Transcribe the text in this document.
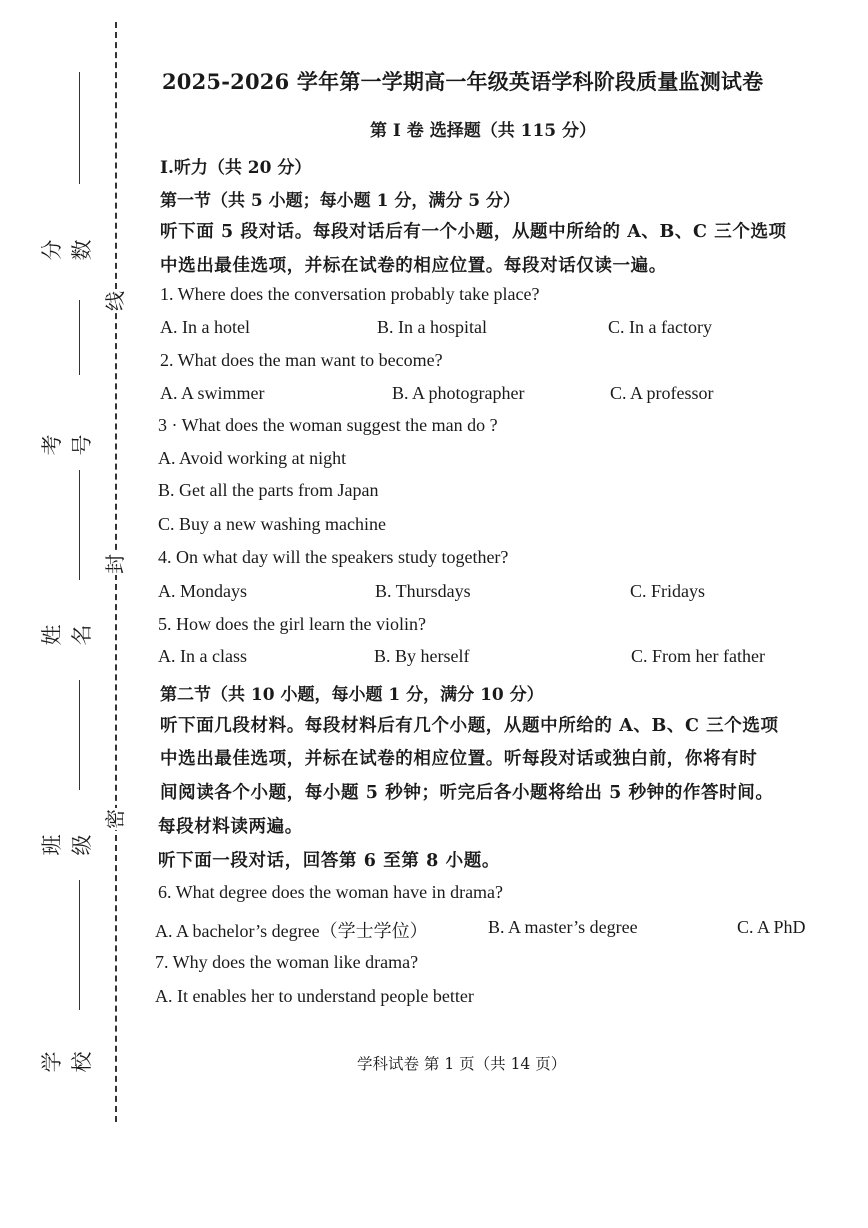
线
封
密
分 数
考 号
姓 名
班 级
学校
2025-2026 学年第一学期高一年级英语学科阶段质量监测试卷
第 I 卷 选择题（共 115 分）
I.听力（共 20 分）
第一节（共 5 小题；每小题 1 分，满分 5 分）
听下面 5 段对话。每段对话后有一个小题，从题中所给的 A、B、C 三个选项
中选出最佳选项，并标在试卷的相应位置。每段对话仅读一遍。
1. Where does the conversation probably take place?
A. In a hotel	B. In a hospital	C. In a factory
2. What does the man want to become?
A. A swimmer	B. A photographer	C. A professor
3 · What does the woman suggest the man do ?
A. Avoid working at night
B. Get all the parts from Japan
C. Buy a new washing machine
4. On what day will the speakers study together?
A. Mondays	B. Thursdays	C. Fridays
5. How does the girl learn the violin?
A. In a class	B. By herself	C. From her father
第二节（共 10 小题，每小题 1 分，满分 10 分）
听下面几段材料。每段材料后有几个小题，从题中所给的 A、B、C 三个选项
中选出最佳选项，并标在试卷的相应位置。听每段对话或独白前，你将有时
间阅读各个小题，每小题 5 秒钟；听完后各小题将给出 5 秒钟的作答时间。
每段材料读两遍。
听下面一段对话，回答第 6 至第 8 小题。
6. What degree does the woman have in drama?
A. A bachelor’s degree（学士学位）	B. A master’s degree	C. A PhD
7. Why does the woman like drama?
A. It enables her to understand people better
学科试卷 第 1 页（共 14 页）
